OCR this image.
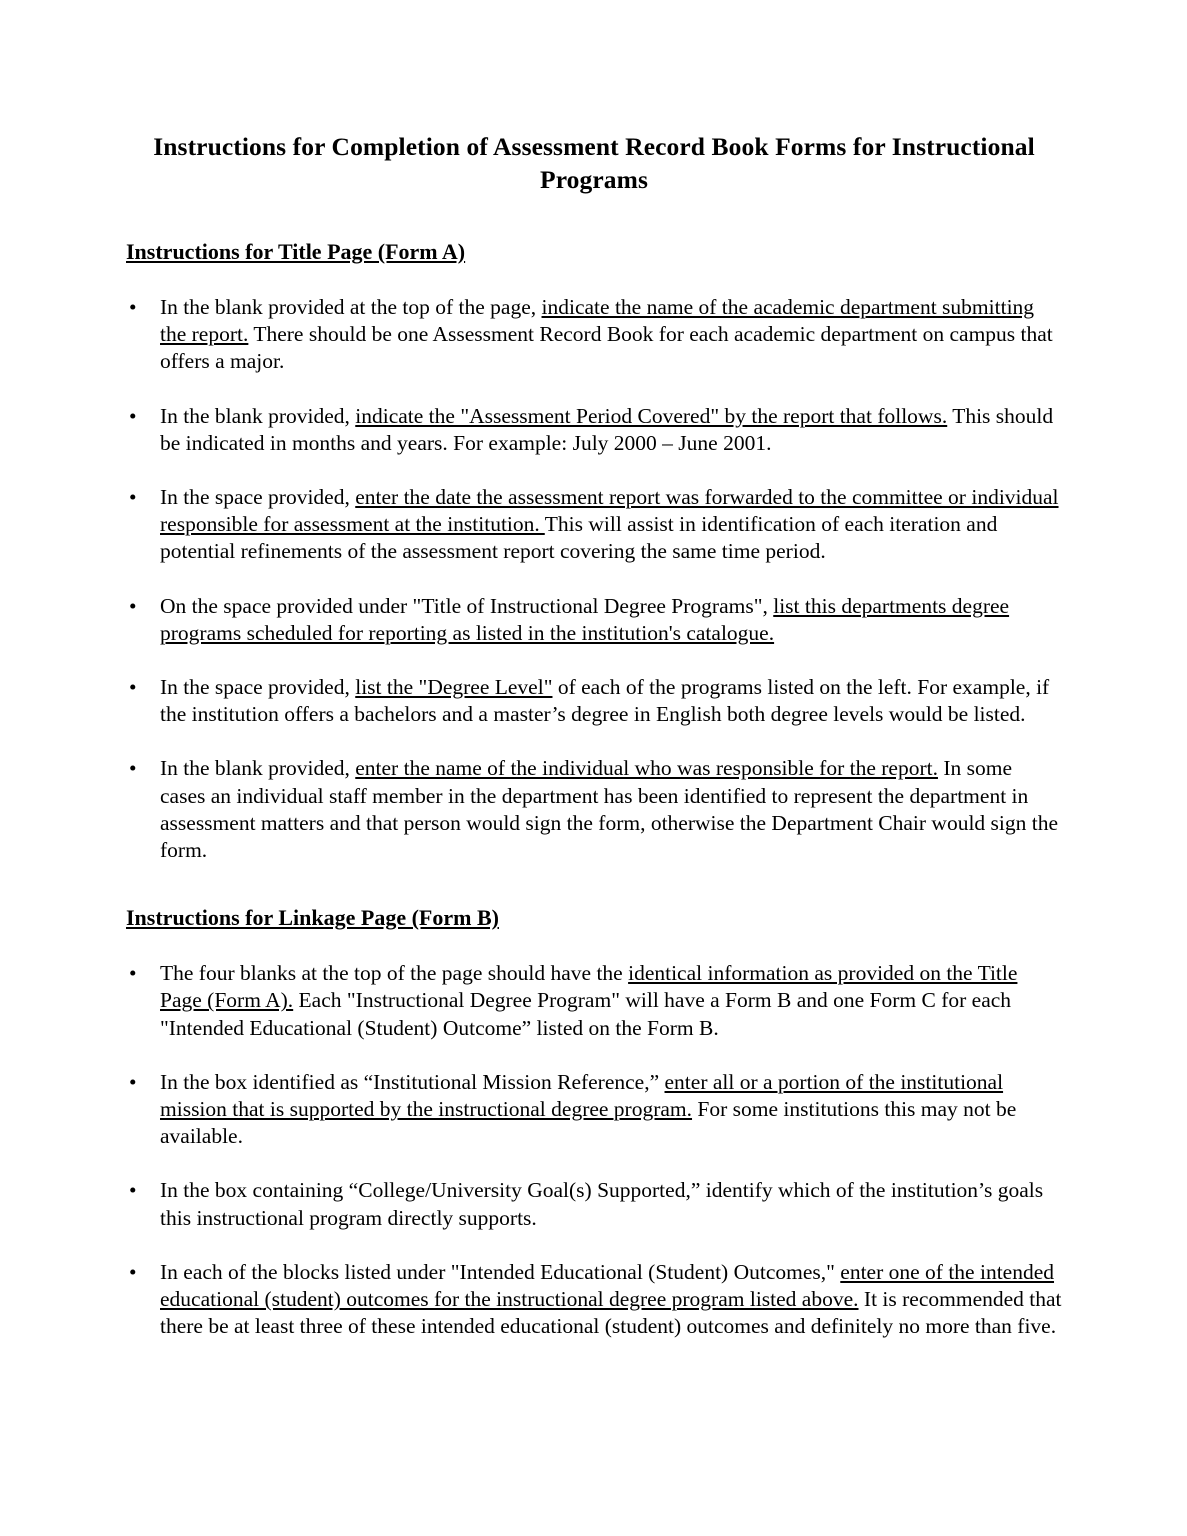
Instructions for Completion of Assessment Record Book Forms for Instructional Programs
Instructions for Title Page (Form A)
• In the blank provided at the top of the page, indicate the name of the academic department submitting the report. There should be one Assessment Record Book for each academic department on campus that offers a major.
• In the blank provided, indicate the "Assessment Period Covered" by the report that follows. This should be indicated in months and years. For example: July 2000 – June 2001.
• In the space provided, enter the date the assessment report was forwarded to the committee or individual responsible for assessment at the institution. This will assist in identification of each iteration and potential refinements of the assessment report covering the same time period.
• On the space provided under "Title of Instructional Degree Programs", list this departments degree programs scheduled for reporting as listed in the institution's catalogue.
• In the space provided, list the "Degree Level" of each of the programs listed on the left. For example, if the institution offers a bachelors and a master’s degree in English both degree levels would be listed.
• In the blank provided, enter the name of the individual who was responsible for the report. In some cases an individual staff member in the department has been identified to represent the department in assessment matters and that person would sign the form, otherwise the Department Chair would sign the form.
Instructions for Linkage Page (Form B)
• The four blanks at the top of the page should have the identical information as provided on the Title Page (Form A). Each "Instructional Degree Program" will have a Form B and one Form C for each "Intended Educational (Student) Outcome” listed on the Form B.
• In the box identified as “Institutional Mission Reference,” enter all or a portion of the institutional mission that is supported by the instructional degree program. For some institutions this may not be available.
• In the box containing “College/University Goal(s) Supported,” identify which of the institution’s goals this instructional program directly supports.
• In each of the blocks listed under "Intended Educational (Student) Outcomes," enter one of the intended educational (student) outcomes for the instructional degree program listed above. It is recommended that there be at least three of these intended educational (student) outcomes and definitely no more than five.
